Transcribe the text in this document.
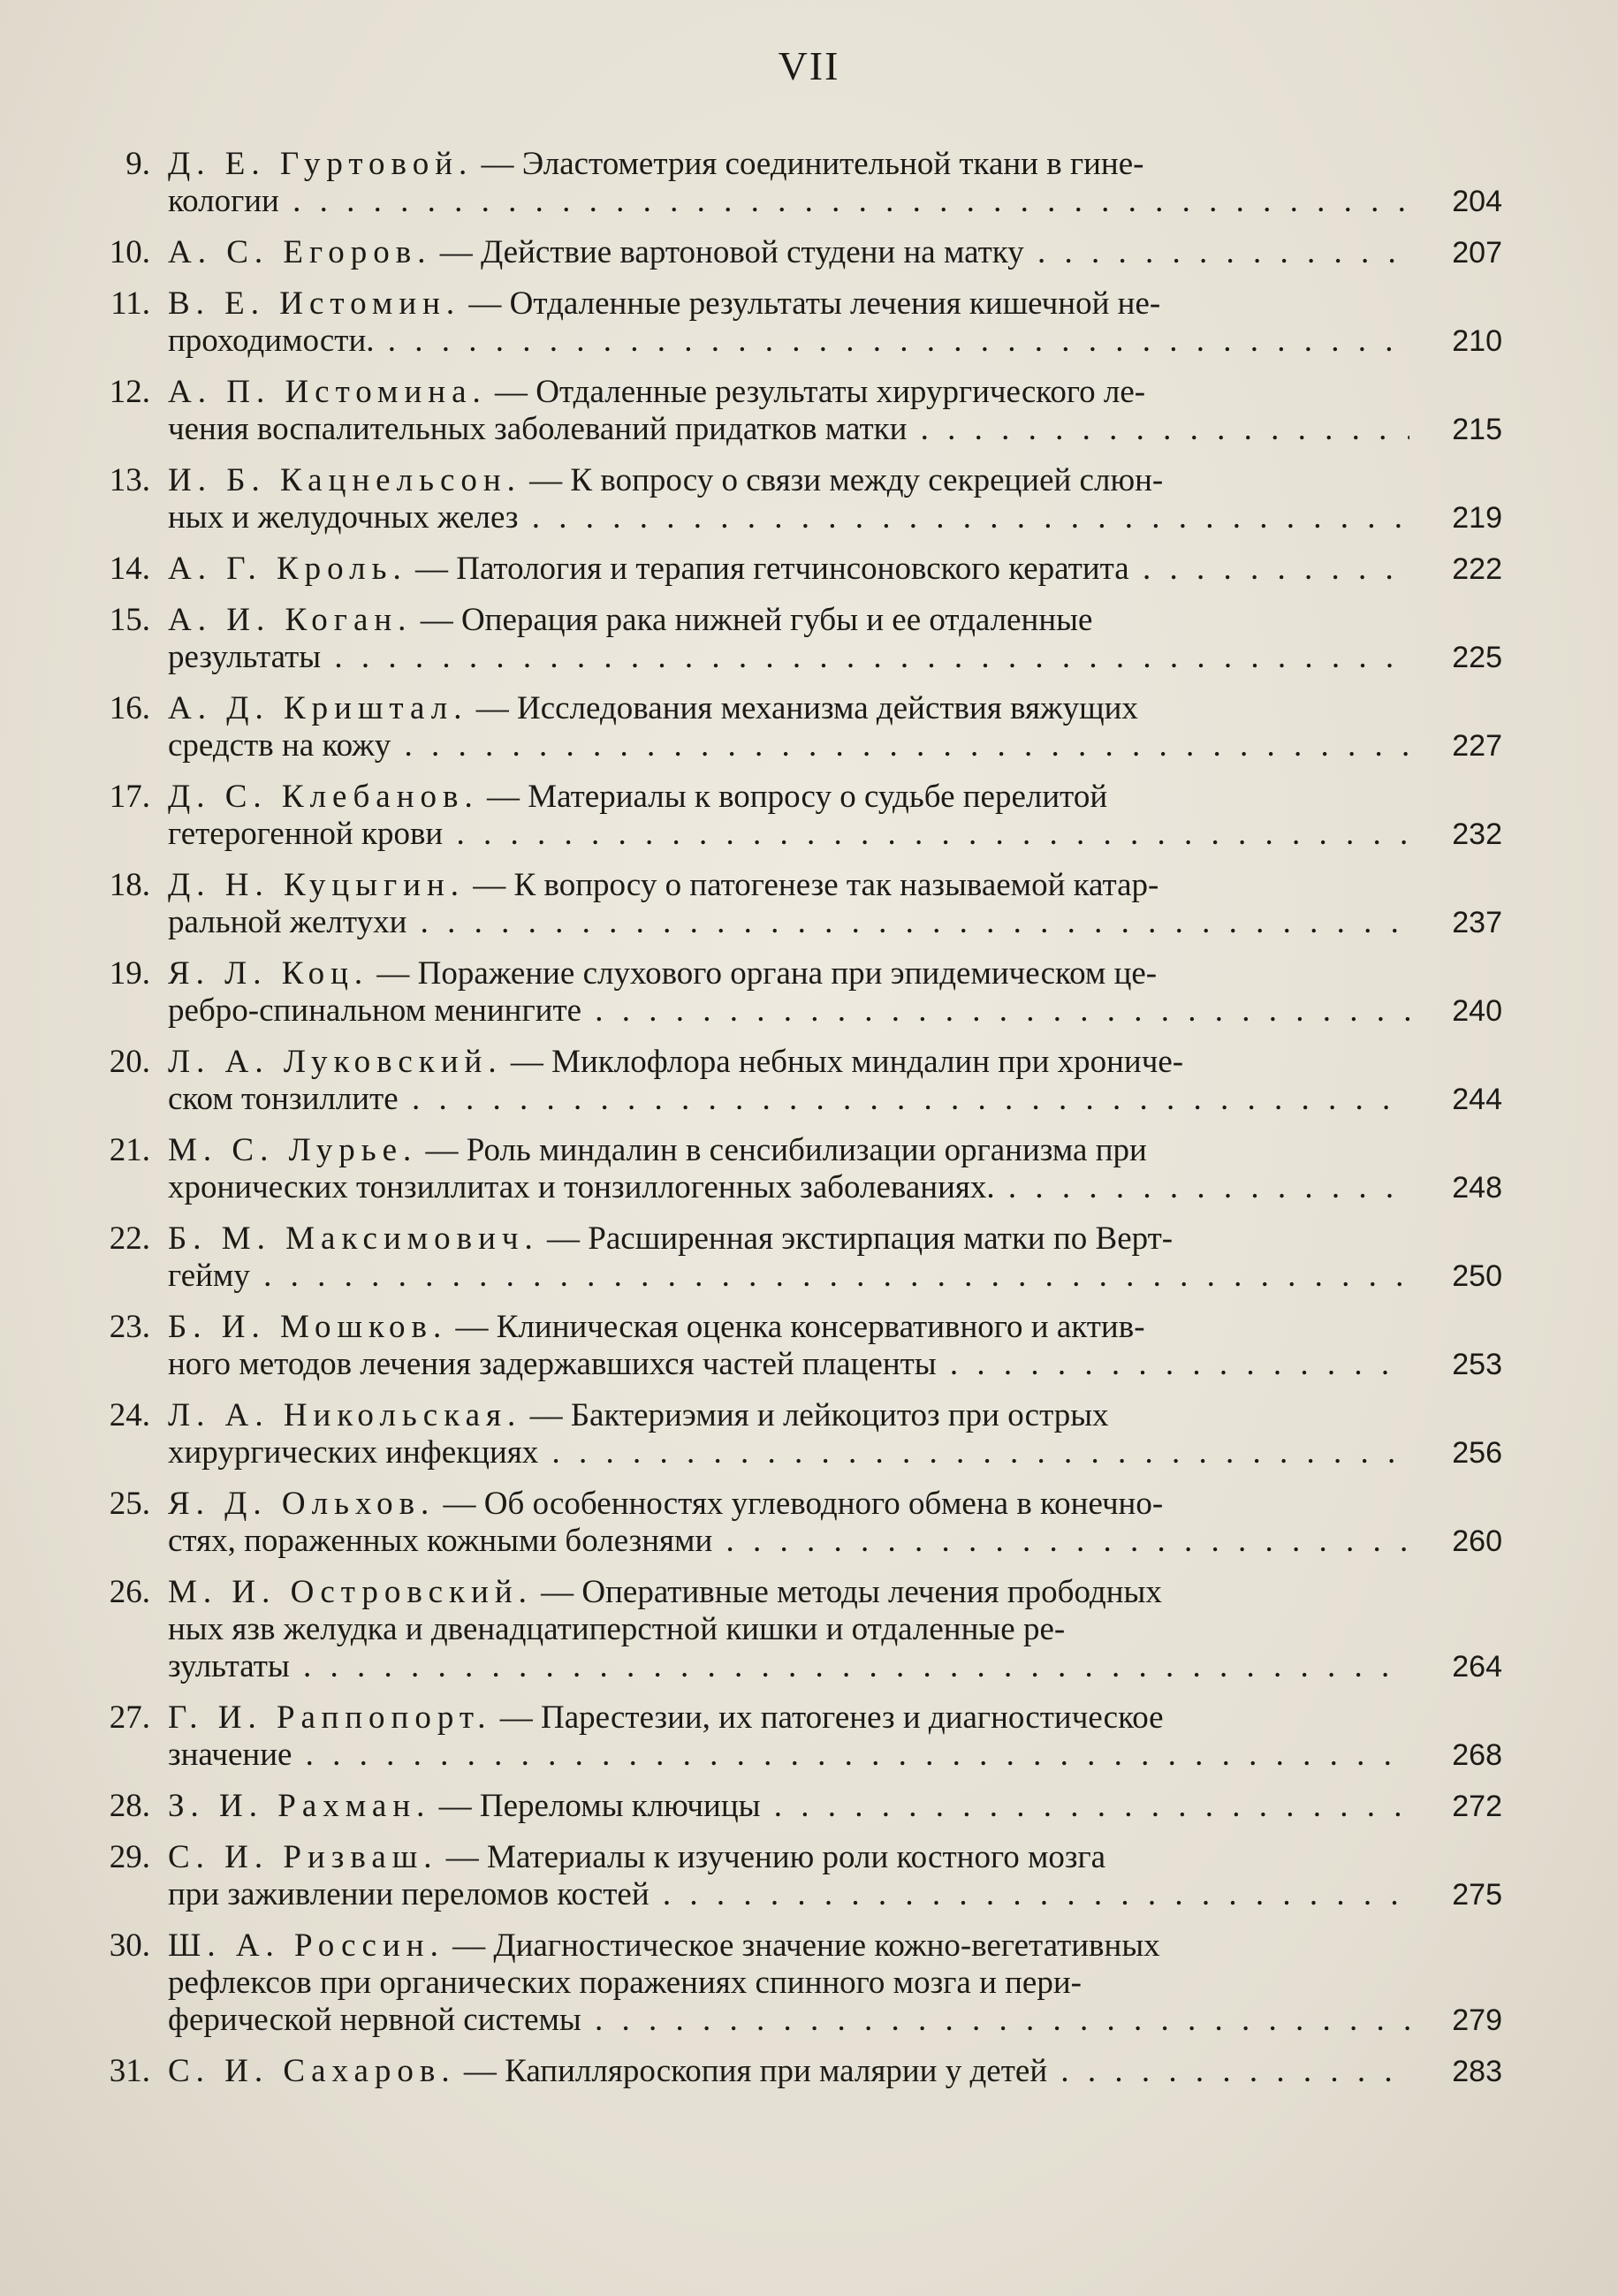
VII
9. Д. Е. Гуртовой. — Эластометрия соединительной ткани в гине-
кологии . . .	204
10. А. С. Егоров. — Действие вартоновой студени на матку . . .	207
11. В. Е. Истомин. — Отдаленные результаты лечения кишечной не-
проходимости. . . .	210
12. А. П. Истомина. — Отдаленные результаты хирургического ле-
чения воспалительных заболеваний придатков матки . . .	215
13. И. Б. Кацнельсон. — К вопросу о связи между секрецией слюн-
ных и желудочных желез . . .	219
14. А. Г. Кроль. — Патология и терапия гетчинсоновского кератита . . .	222
15. А. И. Коган. — Операция рака нижней губы и ее отдаленные
результаты . . .	225
16. А. Д. Криштал. — Исследования механизма действия вяжущих
средств на кожу . . .	227
17. Д. С. Клебанов. — Материалы к вопросу о судьбе перелитой
гетерогенной крови . . .	232
18. Д. Н. Куцыгин. — К вопросу о патогенезе так называемой катар-
ральной желтухи . . .	237
19. Я. Л. Коц. — Поражение слухового органа при эпидемическом це-
ребро-спинальном менингите . . .	240
20. Л. А. Луковский. — Миклофлора небных миндалин при хрониче-
ском тонзиллите . . .	244
21. М. С. Лурье. — Роль миндалин в сенсибилизации организма при
хронических тонзиллитах и тонзиллогенных заболеваниях. . . .	248
22. Б. М. Максимович. — Расширенная экстирпация матки по Верт-
гейму . . .	250
23. Б. И. Мошков. — Клиническая оценка консервативного и актив-
ного методов лечения задержавшихся частей плаценты . . .	253
24. Л. А. Никольская. — Бактериэмия и лейкоцитоз при острых
хирургических инфекциях . . .	256
25. Я. Д. Ольхов. — Об особенностях углеводного обмена в конечно-
стях, пораженных кожными болезнями . . .	260
26. М. И. Островский. — Оперативные методы лечения прободных
ных язв желудка и двенадцатиперстной кишки и отдаленные ре-
зультаты . . .	264
27. Г. И. Раппопорт. — Парестезии, их патогенез и диагностическое
значение . . .	268
28. З. И. Рахман. — Переломы ключицы . . .	272
29. С. И. Ризваш. — Материалы к изучению роли костного мозга
при заживлении переломов костей . . .	275
30. Ш. А. Россин. — Диагностическое значение кожно-вегетативных
рефлексов при органических поражениях спинного мозга и пери-
ферической нервной системы . . .	279
31. С. И. Сахаров. — Капилляроскопия при малярии у детей . . .	283
